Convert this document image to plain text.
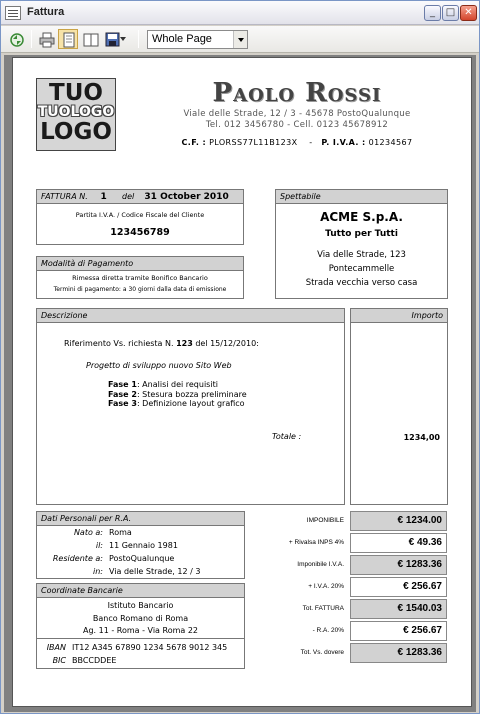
Fattura	_	□ ✕
Whole Page
TUO
TUOLOGO
LOGO
Paolo Rossi
Viale delle Strade, 12 / 3 - 45678 PostoQualunque
Tel. 012 3456780 - Cell. 0123 45678912
C.F. : PLORSS77L11B123X    -   P. I.V.A. : 01234567
FATTURA N. 1 del 31 October 2010
Partita I.V.A. / Codice Fiscale del Cliente
123456789
Modalità di Pagamento
Rimessa diretta tramite Bonifico Bancario
Termini di pagamento: a 30 giorni dalla data di emissione
Spettabile
ACME S.p.A.
Tutto per Tutti
Via delle Strade, 123
Pontecammelle
Strada vecchia verso casa
Descrizione
Riferimento Vs. richiesta N. 123 del 15/12/2010:
Progetto di sviluppo nuovo Sito Web
Fase 1: Analisi dei requisiti
Fase 2: Stesura bozza preliminare
Fase 3: Definizione layout grafico
Totale :
Importo
1234,00
Dati Personali per R.A.
Nato a: Roma
il: 11 Gennaio 1981
Residente a: PostoQualunque
in: Via delle Strade, 12 / 3
Coordinate Bancarie
Istituto Bancario
Banco Romano di Roma
Ag. 11 - Roma - Via Roma 22
IBAN IT12 A345 67890 1234 5678 9012 345
BIC BBCCDDEE
IMPONIBILE	€ 1234.00
+ Rivalsa INPS 4%	€ 49.36
Imponibile I.V.A.	€ 1283.36
+ I.V.A. 20%	€ 256.67
Tot. FATTURA	€ 1540.03
- R.A. 20%	€ 256.67
Tot. Vs. dovere	€ 1283.36
